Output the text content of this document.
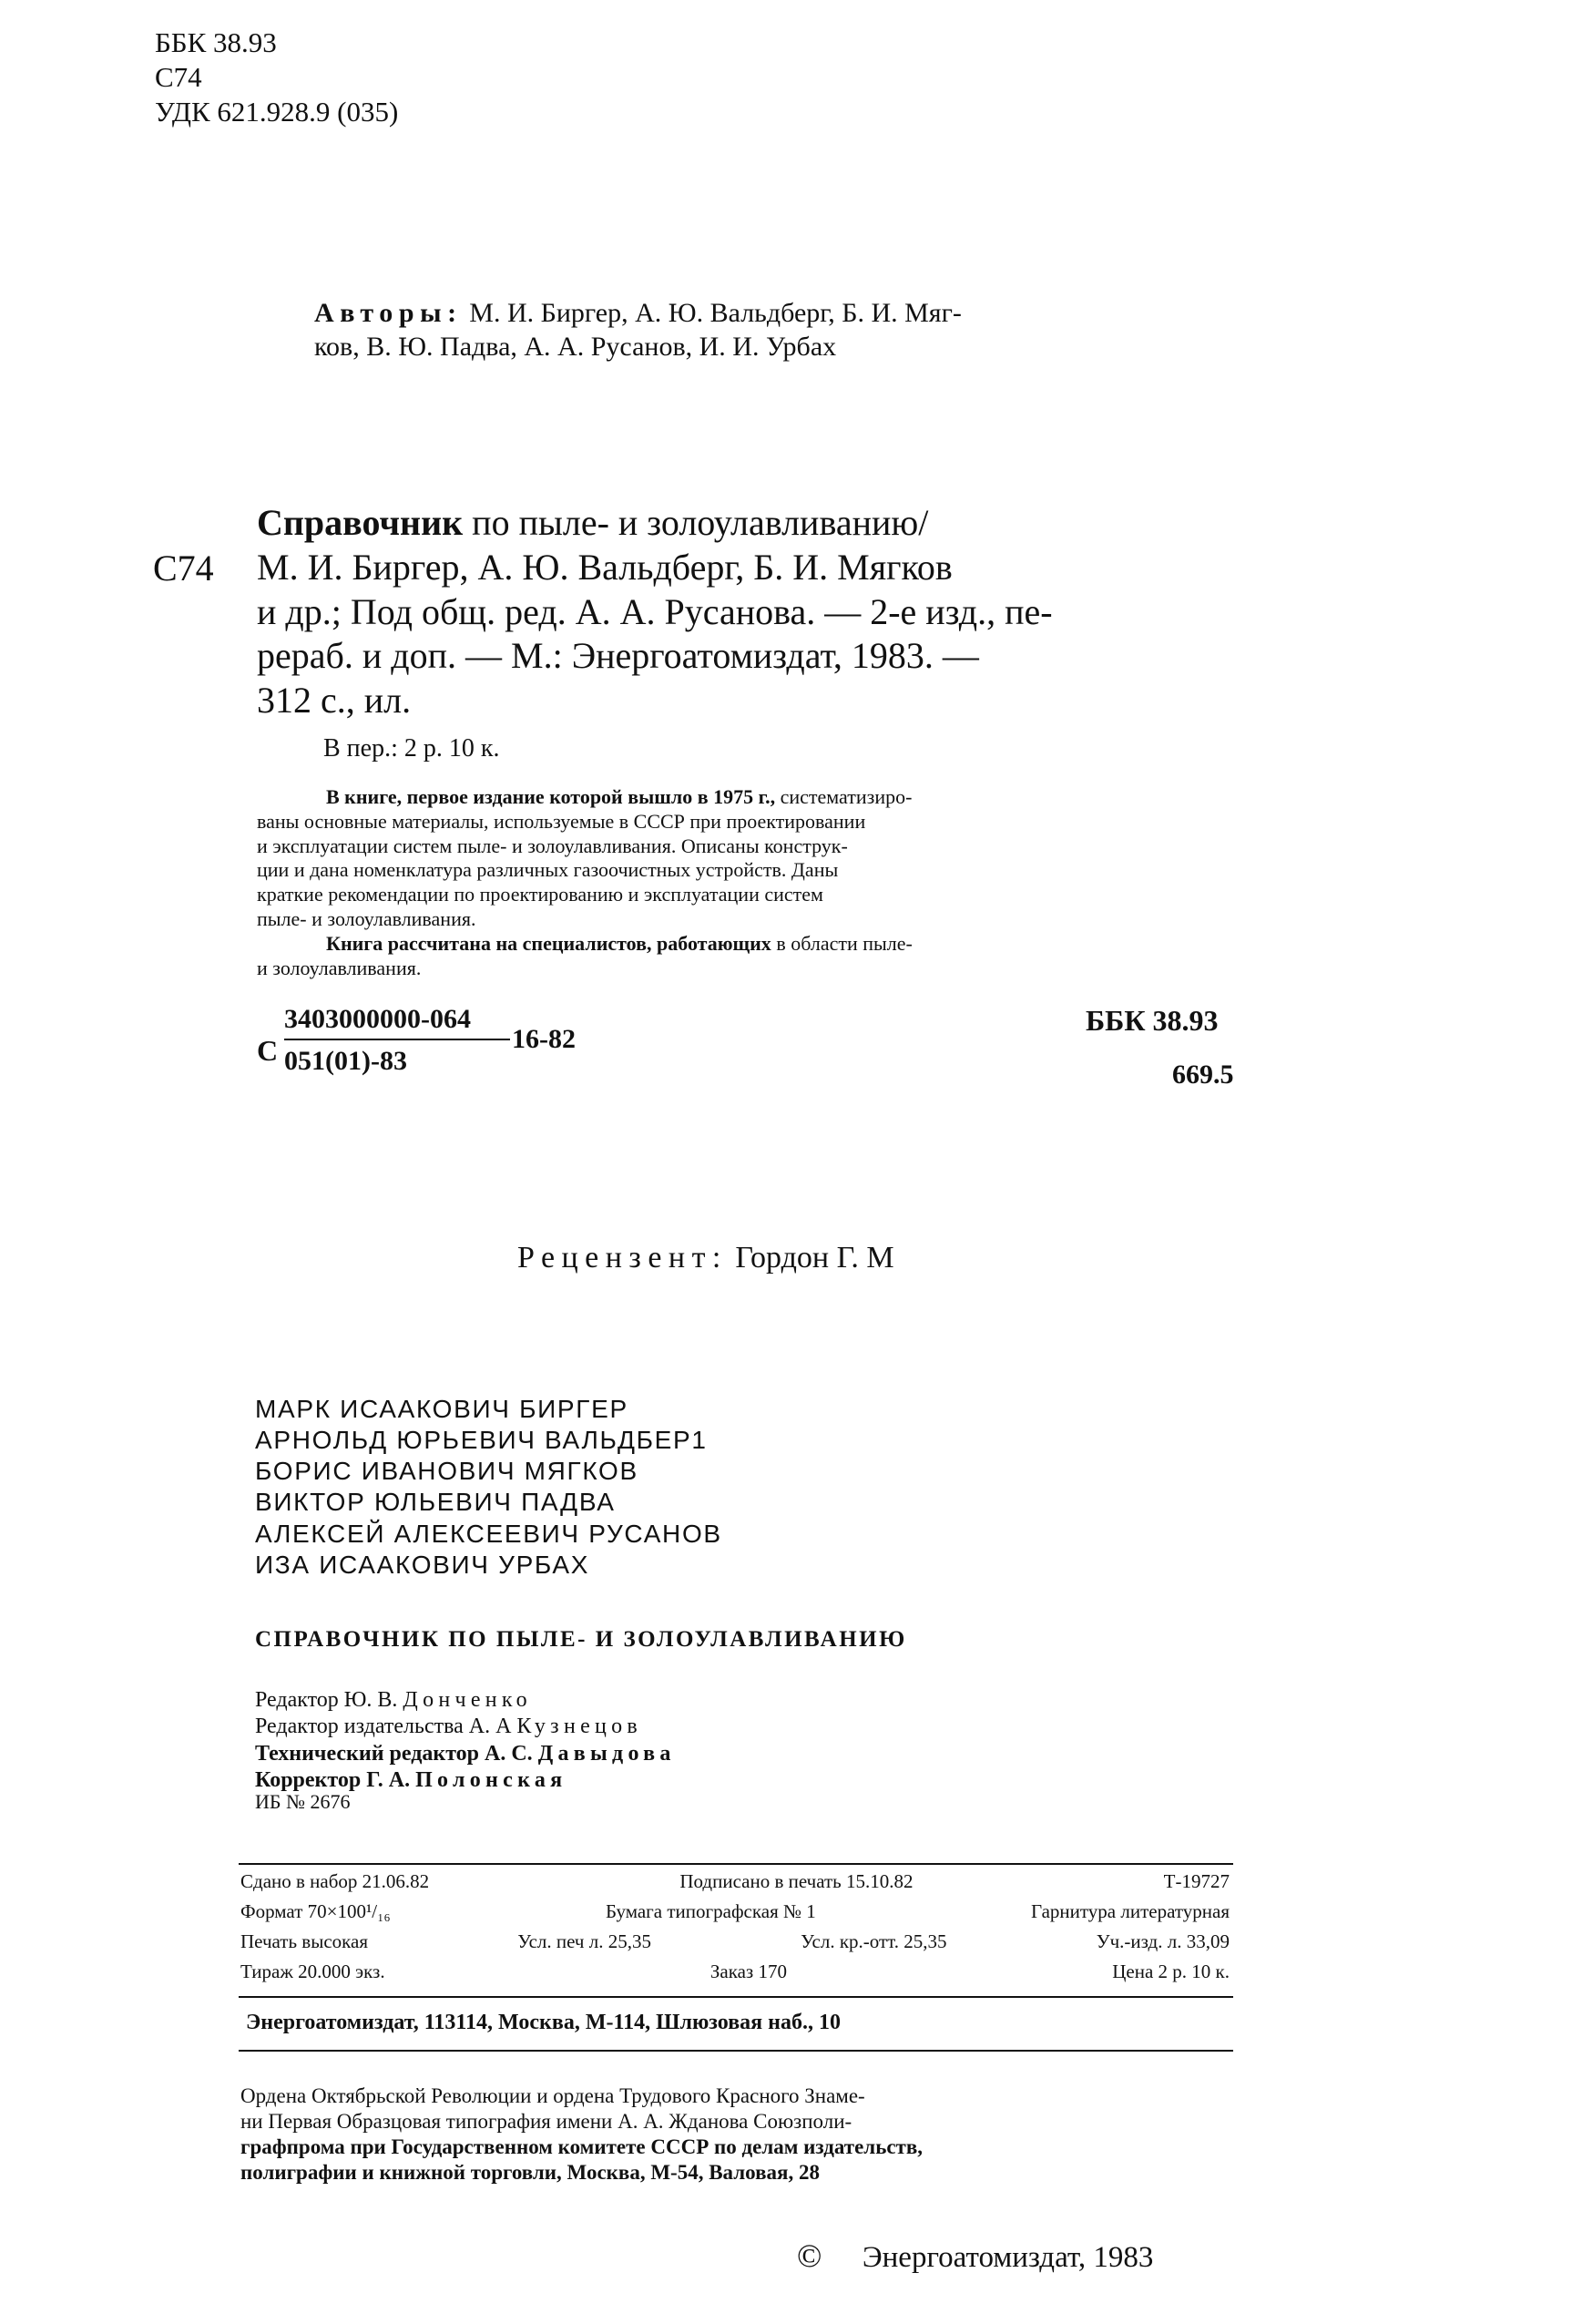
ББК 38.93
С74
УДК 621.928.9 (035)
Авторы: М. И. Биргер, А. Ю. Вальдберг, Б. И. Мяг-
ков, В. Ю. Падва, А. А. Русанов, И. И. Урбах
С74
Справочник по пыле- и золоулавливанию/
М. И. Биргер, А. Ю. Вальдберг, Б. И. Мягков
и др.; Под общ. ред. А. А. Русанова. — 2-е изд., пе-
рераб. и доп. — М.: Энергоатомиздат, 1983. —
312 с., ил.
В пер.: 2 р. 10 к.
В книге, первое издание которой вышло в 1975 г., систематизиро-
ваны основные материалы, используемые в СССР при проектировании
и эксплуатации систем пыле- и золоулавливания. Описаны конструк-
ции и дана номенклатура различных газоочистных устройств. Даны
краткие рекомендации по проектированию и эксплуатации систем
пыле- и золоулавливания.
Книга рассчитана на специалистов, работающих в области пыле-
и золоулавливания.
С
3403000000-064
051(01)-83
16-82
ББК 38.93
669.5
Рецензент: Гордон Г. М
МАРК ИСААКОВИЧ БИРГЕР
АРНОЛЬД ЮРЬЕВИЧ ВАЛЬДБЕР1
БОРИС ИВАНОВИЧ МЯГКОВ
ВИКТОР ЮЛЬЕВИЧ ПАДВА
АЛЕКСЕЙ АЛЕКСЕЕВИЧ РУСАНОВ
ИЗА ИСААКОВИЧ УРБАХ
СПРАВОЧНИК ПО ПЫЛЕ- И ЗОЛОУЛАВЛИВАНИЮ
Редактор Ю. В. Донченко
Редактор издательства А. А Кузнецов
Технический редактор А. С. Давыдова
Корректор Г. А. Полонская
ИБ № 2676
Сдано в набор 21.06.82	Подписано в печать 15.10.82	Т-19727
Формат 70×100¹/₁₆	Бумага типографская № 1	Гарнитура литературная
Печать высокая	Усл. печ л. 25,35	Усл. кр.-отт. 25,35	Уч.-изд. л. 33,09
Тираж 20.000 экз.	Заказ 170	Цена 2 р. 10 к.
Энергоатомиздат, 113114, Москва, М-114, Шлюзовая наб., 10
Ордена Октябрьской Революции и ордена Трудового Красного Знаме-
ни Первая Образцовая типография имени А. А. Жданова Союзполи-
графпрома при Государственном комитете СССР по делам издательств,
полиграфии и книжной торговли, Москва, М-54, Валовая, 28
© Энергоатомиздат, 1983
